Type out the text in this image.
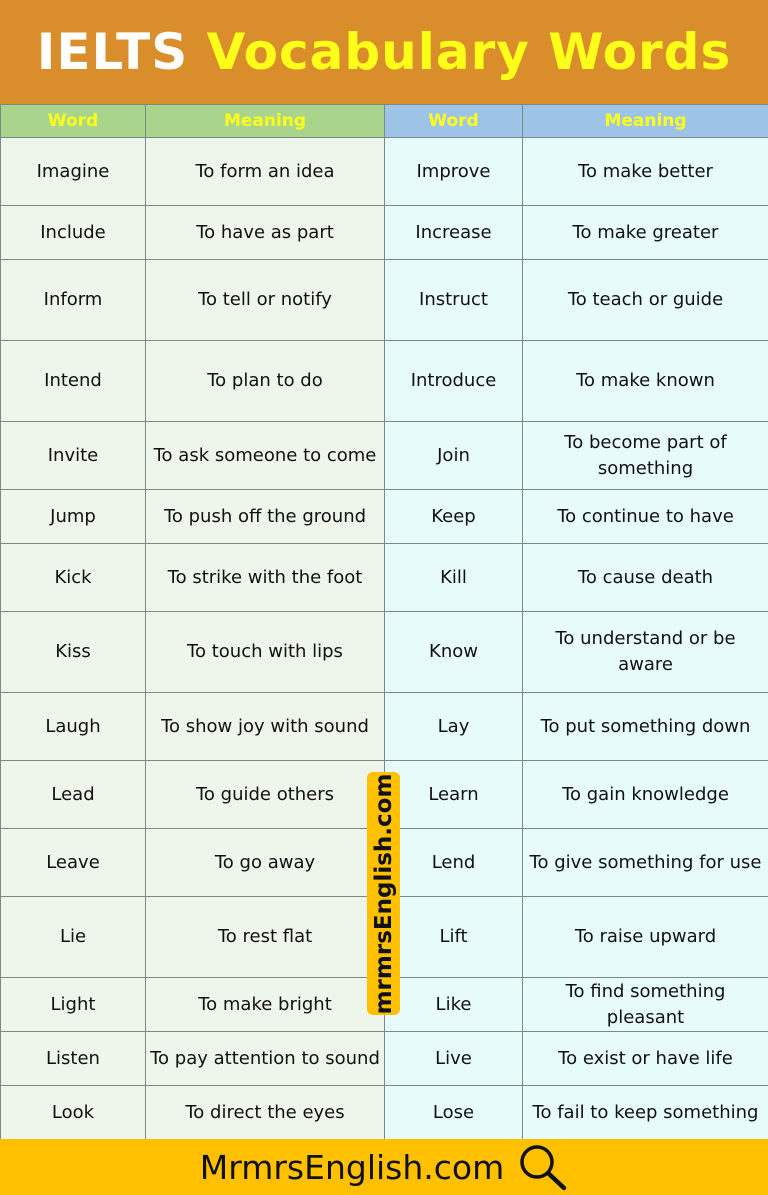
IELTS Vocabulary Words
Word	Meaning	Word	Meaning
Imagine	To form an idea	Improve	To make better
Include	To have as part	Increase	To make greater
Inform	To tell or notify	Instruct	To teach or guide
Intend	To plan to do	Introduce	To make known
Invite	To ask someone to come	Join	To become part of something
Jump	To push off the ground	Keep	To continue to have
Kick	To strike with the foot	Kill	To cause death
Kiss	To touch with lips	Know	To understand or be aware
Laugh	To show joy with sound	Lay	To put something down
Lead	To guide others	Learn	To gain knowledge
Leave	To go away	Lend	To give something for use
Lie	To rest flat	Lift	To raise upward
Light	To make bright	Like	To find something pleasant
Listen	To pay attention to sound	Live	To exist or have life
Look	To direct the eyes	Lose	To fail to keep something
mrmrsEnglish.com
MrmrsEnglish.com
